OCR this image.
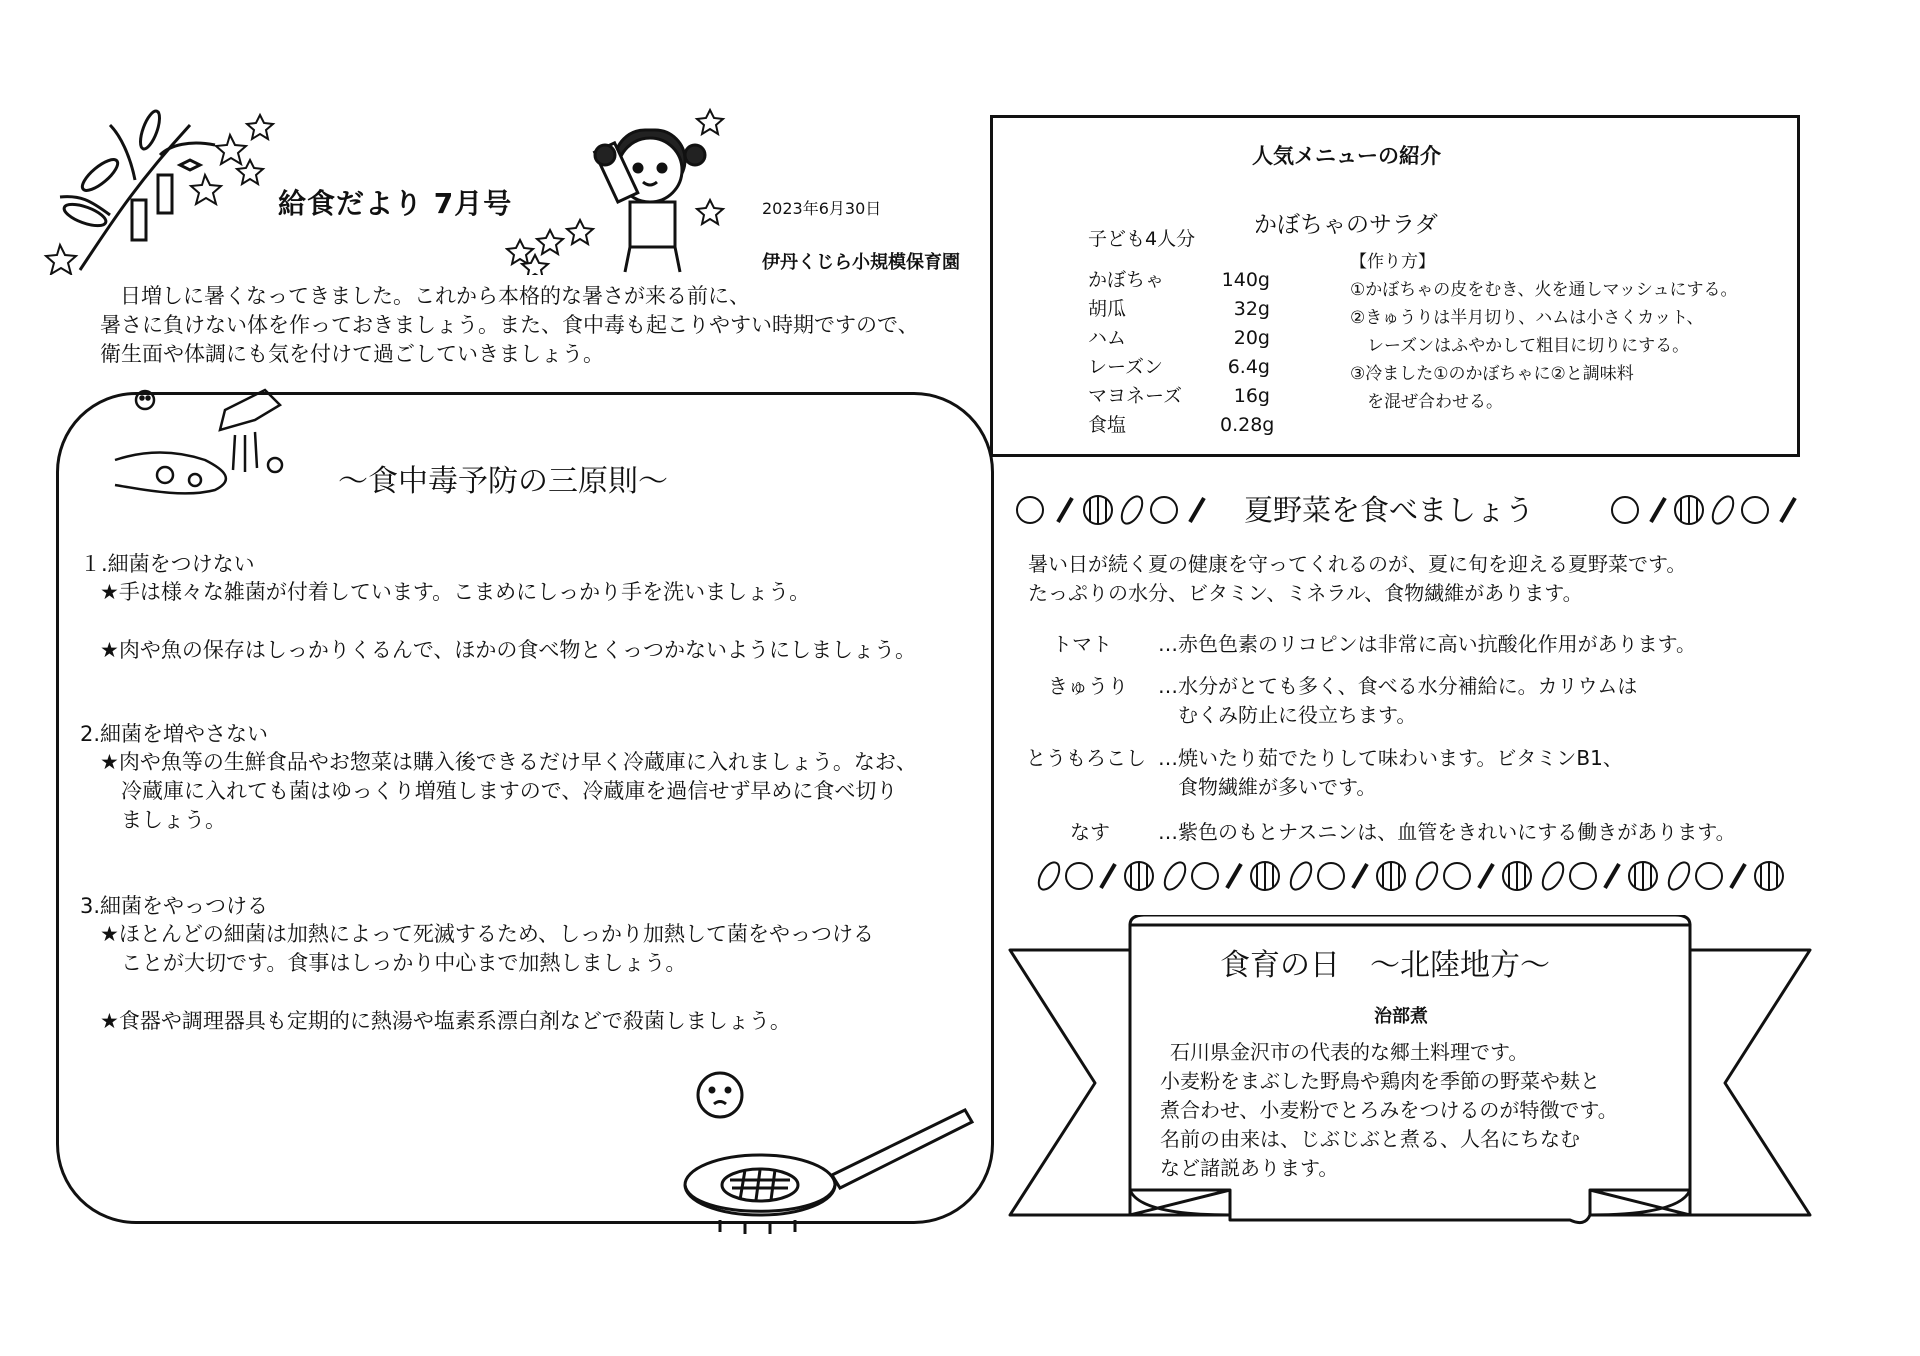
給食だより 7月号	2023年6月30日
伊丹くじら小規模保育園
日増しに暑くなってきました。これから本格的な暑さが来る前に、
暑さに負けない体を作っておきましょう。また、食中毒も起こりやすい時期ですので、
衛生面や体調にも気を付けて過ごしていきましょう。
～食中毒予防の三原則～
１.細菌をつけない
★手は様々な雑菌が付着しています。こまめにしっかり手を洗いましょう。
★肉や魚の保存はしっかりくるんで、ほかの食べ物とくっつかないようにしましょう。
2.細菌を増やさない
★肉や魚等の生鮮食品やお惣菜は購入後できるだけ早く冷蔵庫に入れましょう。なお、
　冷蔵庫に入れても菌はゆっくり増殖しますので、冷蔵庫を過信せず早めに食べ切り
　ましょう。
3.細菌をやっつける
★ほとんどの細菌は加熱によって死滅するため、しっかり加熱して菌をやっつける
　ことが大切です。食事はしっかり中心まで加熱しましょう。
★食器や調理器具も定期的に熱湯や塩素系漂白剤などで殺菌しましょう。
人気メニューの紹介
かぼちゃのサラダ
子ども4人分
かぼちゃ	140g
胡瓜	32g
ハム	20g
レーズン	6.4g
マヨネーズ	16g
食塩	0.28g
【作り方】
①かぼちゃの皮をむき、火を通しマッシュにする。
②きゅうりは半月切り、ハムは小さくカット、
　レーズンはふやかして粗目に切りにする。
③冷ました①のかぼちゃに②と調味料
　を混ぜ合わせる。
夏野菜を食べましょう
暑い日が続く夏の健康を守ってくれるのが、夏に旬を迎える夏野菜です。
たっぷりの水分、ビタミン、ミネラル、食物繊維があります。
トマト …赤色色素のリコピンは非常に高い抗酸化作用があります。
きゅうり …水分がとても多く、食べる水分補給に。カリウムは
　むくみ防止に役立ちます。
とうもろこし …焼いたり茹でたりして味わいます。ビタミンB1、
　食物繊維が多いです。
なす …紫色のもとナスニンは、血管をきれいにする働きがあります。
食育の日　～北陸地方～
治部煮
石川県金沢市の代表的な郷土料理です。
小麦粉をまぶした野鳥や鶏肉を季節の野菜や麸と
煮合わせ、小麦粉でとろみをつけるのが特徴です。
名前の由来は、じぶじぶと煮る、人名にちなむ
など諸説あります。
